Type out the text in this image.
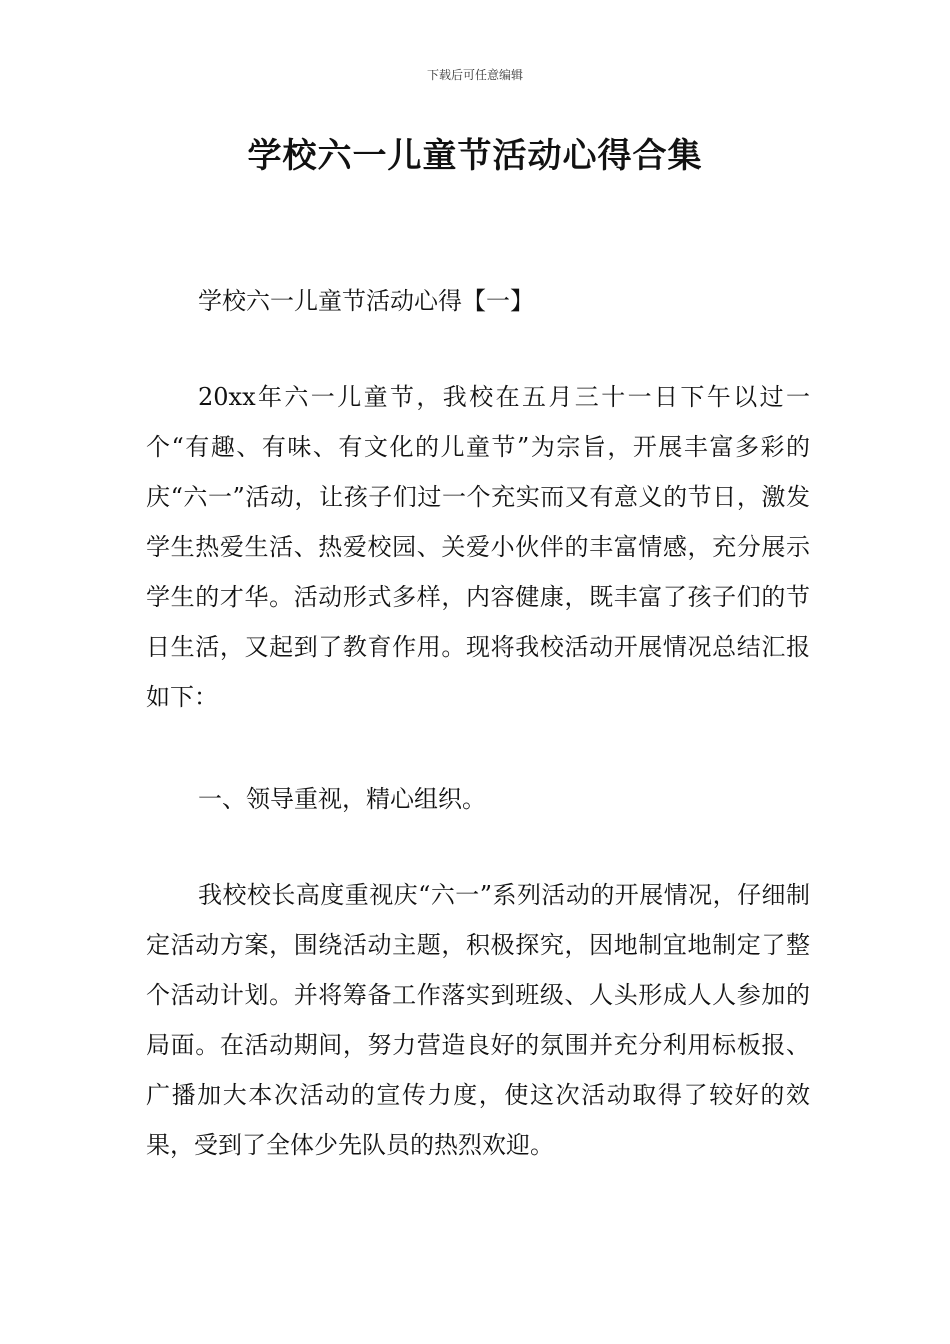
下载后可任意编辑
学校六一儿童节活动心得合集

学校六一儿童节活动心得【一】

20xx年六一儿童节，我校在五月三十一日下午以过一个“有趣、有味、有文化的儿童节”为宗旨，开展丰富多彩的庆“六一”活动，让孩子们过一个充实而又有意义的节日，激发学生热爱生活、热爱校园、关爱小伙伴的丰富情感，充分展示学生的才华。活动形式多样，内容健康，既丰富了孩子们的节日生活，又起到了教育作用。现将我校活动开展情况总结汇报如下：

一、领导重视，精心组织。

我校校长高度重视庆“六一”系列活动的开展情况，仔细制定活动方案，围绕活动主题，积极探究，因地制宜地制定了整个活动计划。并将筹备工作落实到班级、人头形成人人参加的局面。在活动期间，努力营造良好的氛围并充分利用标板报、广播加大本次活动的宣传力度，使这次活动取得了较好的效果，受到了全体少先队员的热烈欢迎。
